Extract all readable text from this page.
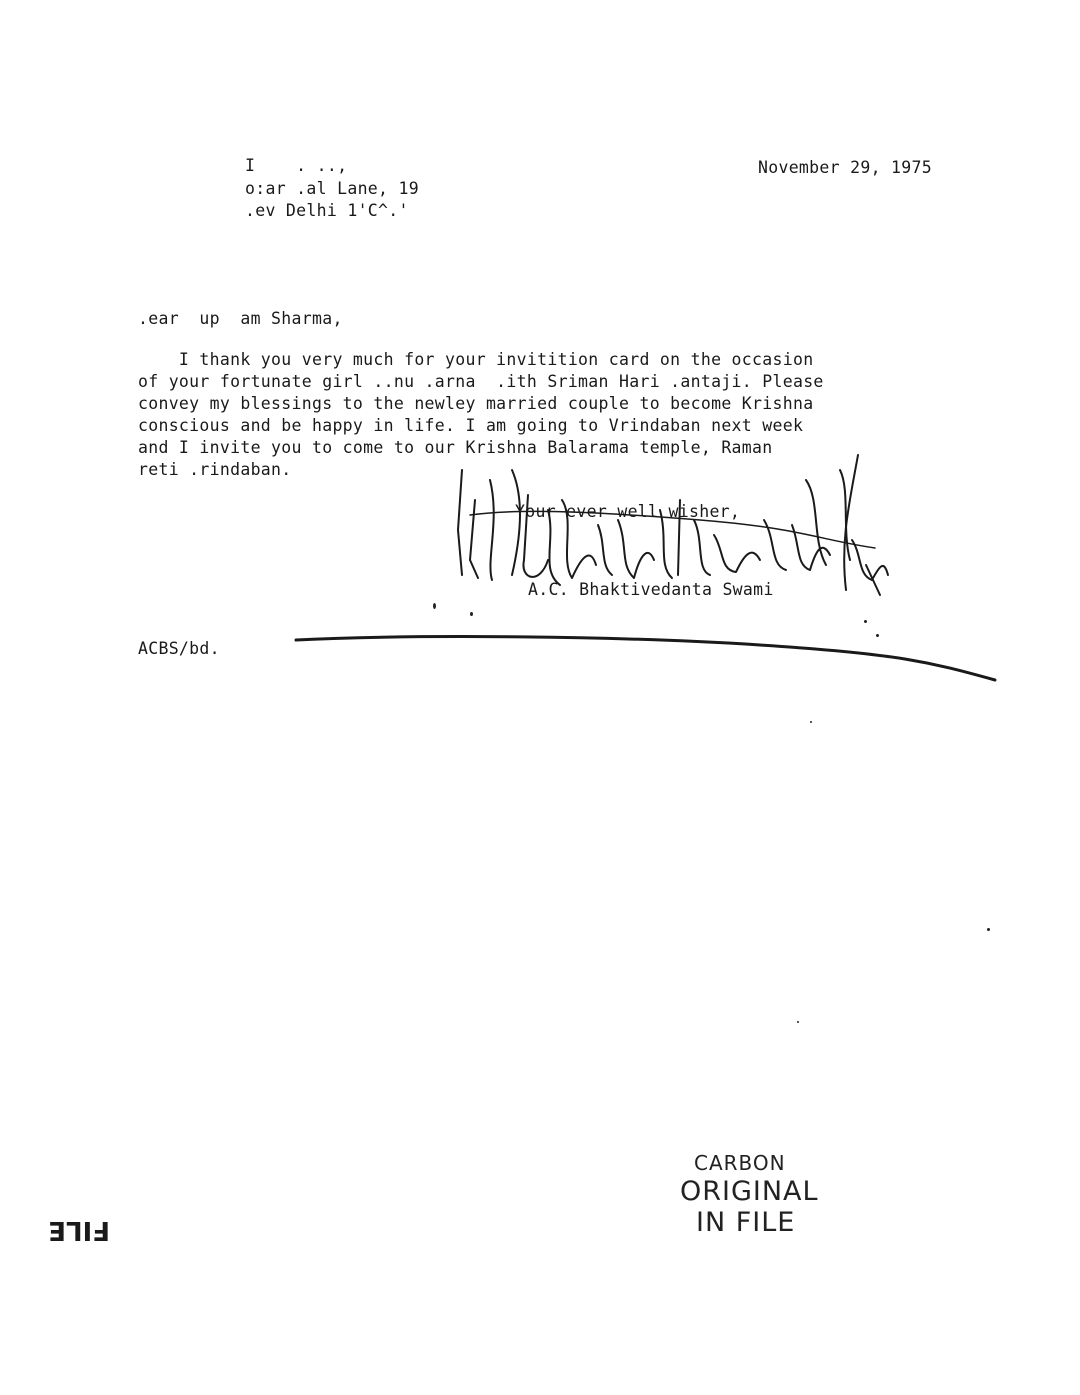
I    . ..,
o:ar .al Lane, 19
.ev Delhi 1'C^.'
November 29, 1975
.ear  up  am Sharma,
I thank you very much for your invitition card on the occasion
of your fortunate girl ..nu .arna  .ith Sriman Hari .antaji. Please
convey my blessings to the newley married couple to become Krishna
conscious and be happy in life. I am going to Vrindaban next week
and I invite you to come to our Krishna Balarama temple, Raman
reti .rindaban.
Your ever well wisher,
A.C. Bhaktivedanta Swami
ACBS/bd.
CARBON
ORIGINAL
IN FILE
FILE
